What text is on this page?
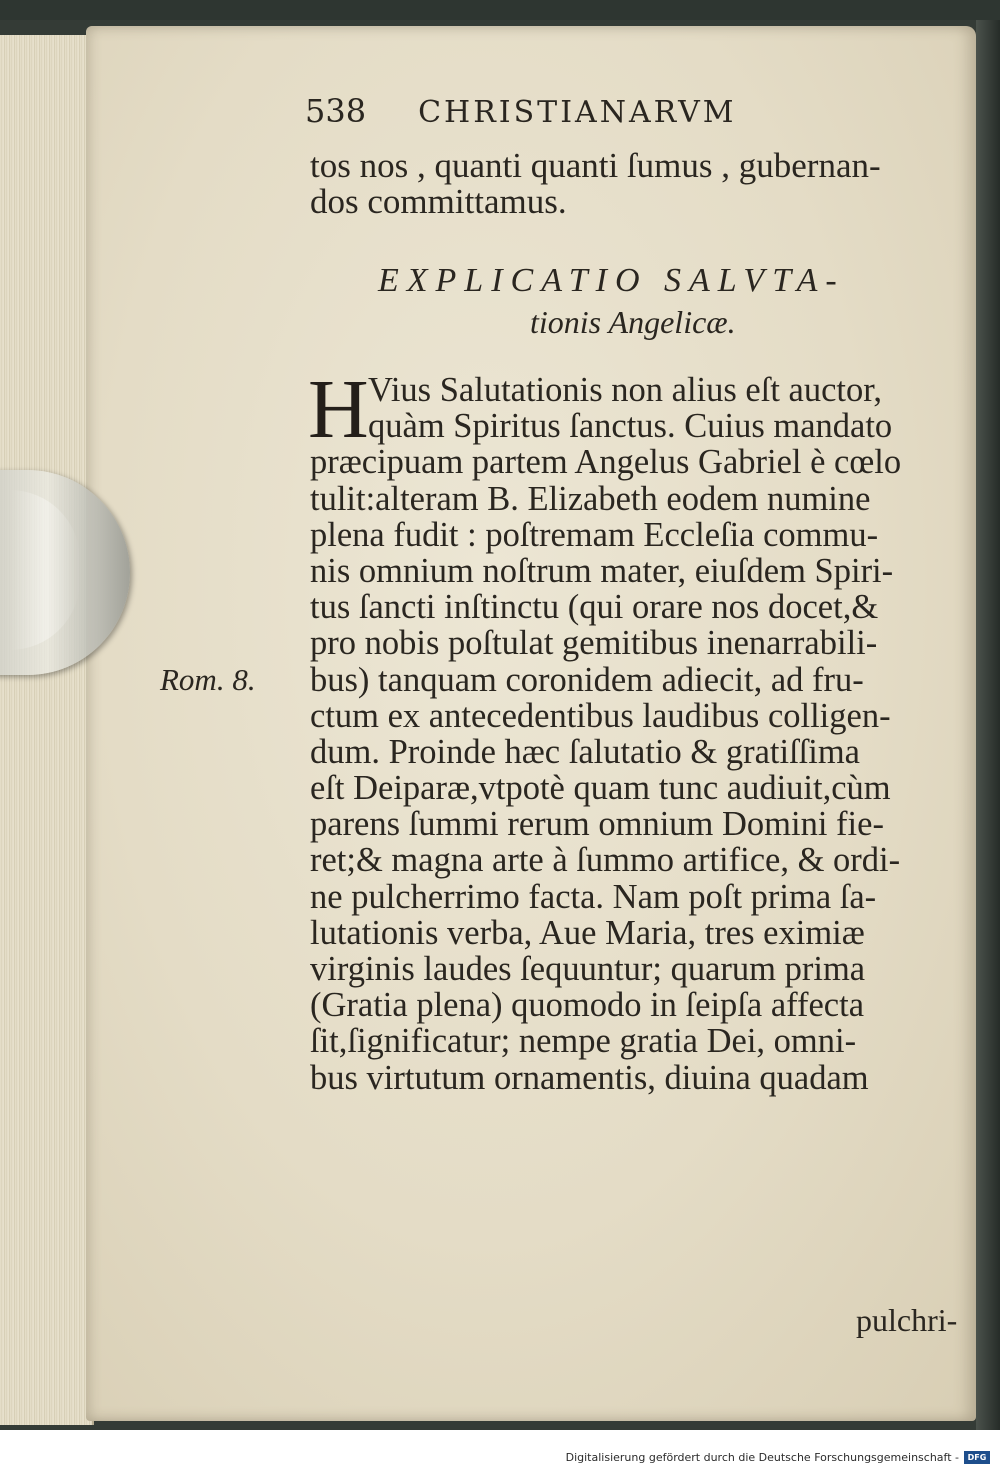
538 CHRISTIANARVM
tos nos , quanti quanti ſumus , gubernan-
dos committamus.
EXPLICATIO SALVTA-
tionis Angelicæ.
H Vius Salutationis non alius eſt auctor,
quàm Spiritus ſanctus. Cuius mandato
præcipuam partem Angelus Gabriel è cœlo
tulit:alteram B. Elizabeth eodem numine
plena fudit : poſtremam Eccleſia commu-
nis omnium noſtrum mater, eiuſdem Spiri-
tus ſancti inſtinctu (qui orare nos docet,&
pro nobis poſtulat gemitibus inenarrabili-
bus) tanquam coronidem adiecit, ad fru-
ctum ex antecedentibus laudibus colligen-
dum. Proinde hæc ſalutatio & gratiſſima
eſt Deiparæ,vtpotè quam tunc audiuit,cùm
parens ſummi rerum omnium Domini fie-
ret;& magna arte à ſummo artifice, & ordi-
ne pulcherrimo facta. Nam poſt prima ſa-
lutationis verba, Aue Maria, tres eximiæ
virginis laudes ſequuntur; quarum prima
(Gratia plena) quomodo in ſeipſa affecta
ſit,ſignificatur; nempe gratia Dei, omni-
bus virtutum ornamentis, diuina quadam
Rom. 8.
pulchri-
Digitalisierung gefördert durch die Deutsche Forschungsgemeinschaft -	DFG
